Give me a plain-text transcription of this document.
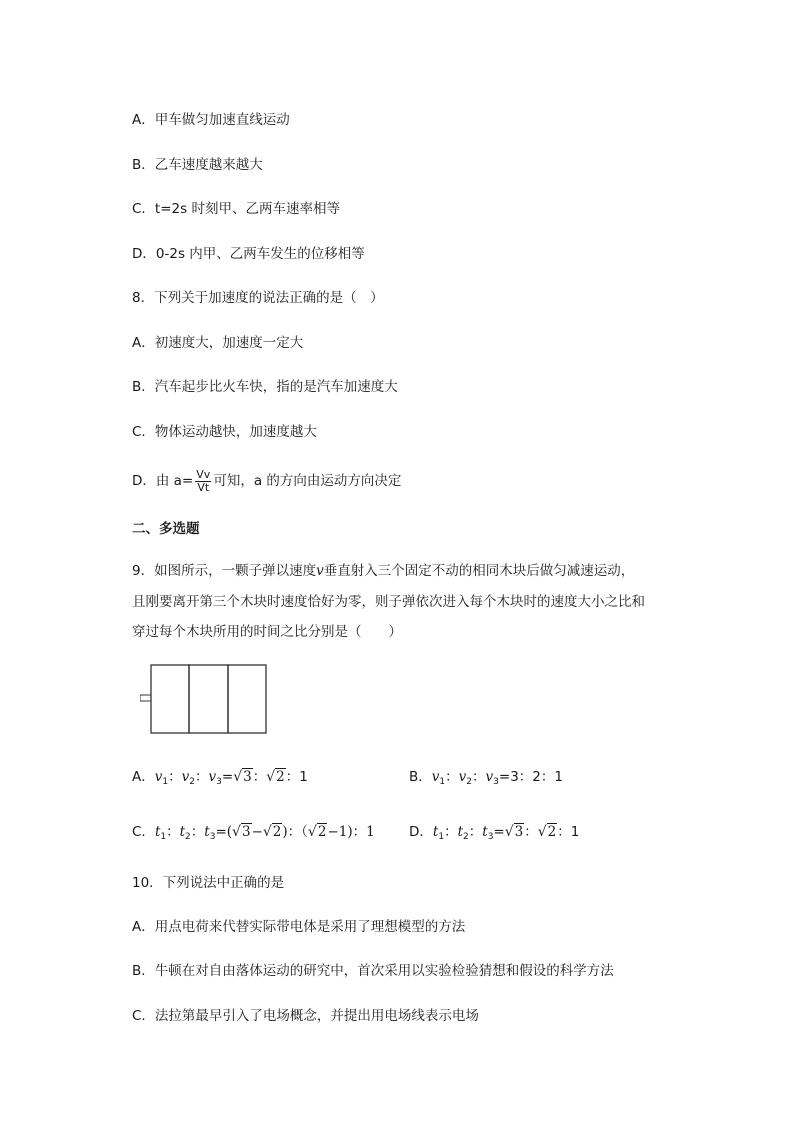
A．甲车做匀加速直线运动
B．乙车速度越来越大
C．t=2s 时刻甲、乙两车速率相等
D．0-2s 内甲、乙两车发生的位移相等
8．下列关于加速度的说法正确的是（　）
A．初速度大，加速度一定大
B．汽车起步比火车快，指的是汽车加速度大
C．物体运动越快，加速度越大
D．由 $a= \frac{Vv}{Vt}$ 可知，a 的方向由运动方向决定
二、多选题
9．如图所示，一颗子弹以速度v垂直射入三个固定不动的相同木块后做匀减速运动，
且刚要离开第三个木块时速度恰好为零，则子弹依次进入每个木块时的速度大小之比和
穿过每个木块所用的时间之比分别是（　　）
A．$v_1$：$v_2$：$v_3=√3$：√2：1	B．$v_1$：$v_2$：$v_3=3$：2：1
C．$t_1$：$t_2$：$t_3=(√3-√2)$：（√2−1)：1	D．$t_1$：$t_2$：$t_3=√3$：√2：1
10．下列说法中正确的是
A．用点电荷来代替实际带电体是采用了理想模型的方法
B．牛顿在对自由落体运动的研究中，首次采用以实验检验猜想和假设的科学方法
C．法拉第最早引入了电场概念，并提出用电场线表示电场
